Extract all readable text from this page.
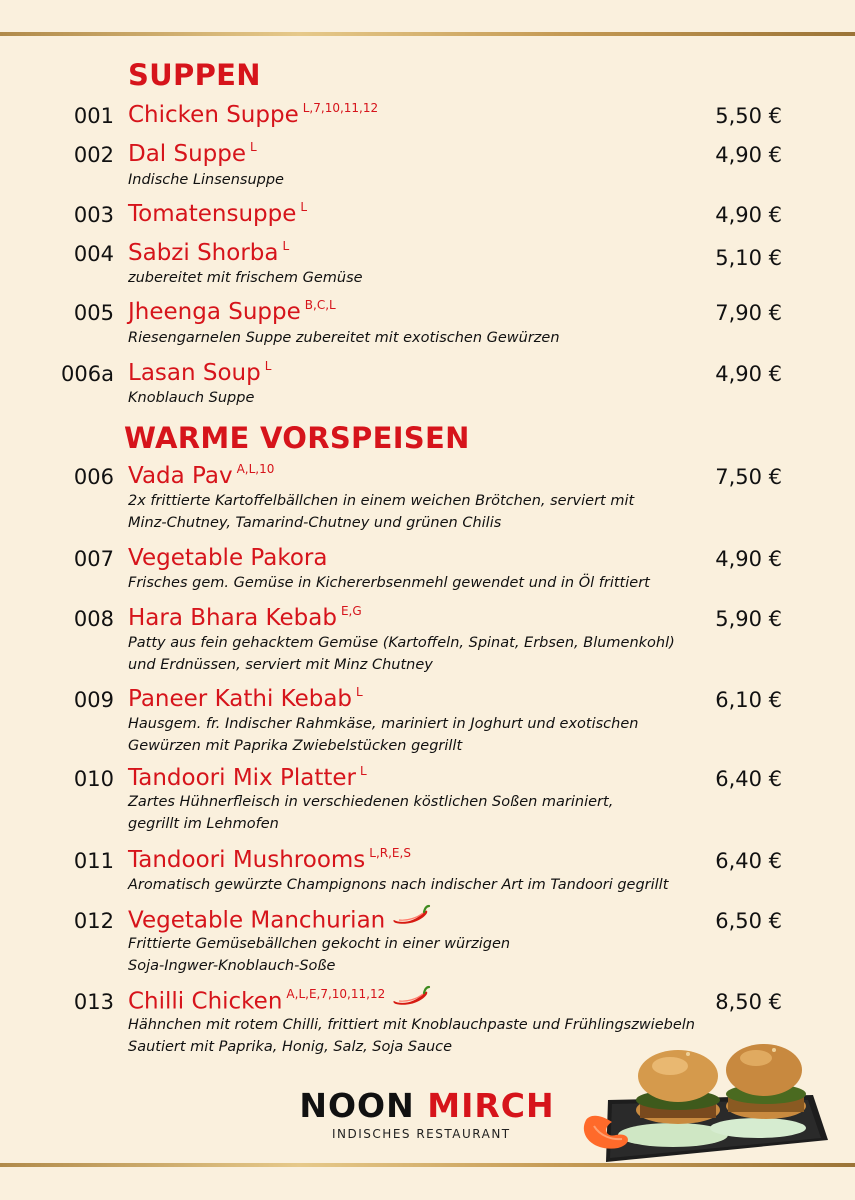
SUPPEN
001 Chicken Suppe $^{L,7,10,11,12}$	5,50 €
002 Dal Suppe $^L$	4,90 €
Indische Linsensuppe
003 Tomatensuppe $^L$	4,90 €
004 Sabzi Shorba $^L$	5,10 €
zubereitet mit frischem Gemüse
005 Jheenga Suppe $^{B,C,L}$	7,90 €
Riesengarnelen Suppe zubereitet mit exotischen Gewürzen
006a Lasan Soup $^L$	4,90 €
Knoblauch Suppe
WARME VORSPEISEN
006 Vada Pav $^{A,L,10}$	7,50 €
2x frittierte Kartoffelbällchen in einem weichen Brötchen, serviert mit
Minz-Chutney, Tamarind-Chutney und grünen Chilis
007 Vegetable Pakora	4,90 €
Frisches gem. Gemüse in Kichererbsenmehl gewendet und in Öl frittiert
008 Hara Bhara Kebab $^{E,G}$	5,90 €
Patty aus fein gehacktem Gemüse (Kartoffeln, Spinat, Erbsen, Blumenkohl)
und Erdnüssen, serviert mit Minz Chutney
009 Paneer Kathi Kebab $^L$	6,10 €
Hausgem. fr. Indischer Rahmkäse, mariniert in Joghurt und exotischen
Gewürzen mit Paprika Zwiebelstücken gegrillt
010 Tandoori Mix Platter $^L$	6,40 €
Zartes Hühnerfleisch in verschiedenen köstlichen Soßen mariniert,
gegrillt im Lehmofen
011 Tandoori Mushrooms $^{L,R,E,S}$	6,40 €
Aromatisch gewürzte Champignons nach indischer Art im Tandoori gegrillt
012 Vegetable Manchurian	6,50 €
Frittierte Gemüsebällchen gekocht in einer würzigen
Soja-Ingwer-Knoblauch-Soße
013 Chilli Chicken $^{A,L,E,7,10,11,12}$	8,50 €
Hähnchen mit rotem Chilli, frittiert mit Knoblauchpaste und Frühlingszwiebeln
Sautiert mit Paprika, Honig, Salz, Soja Sauce
NOON MIRCH
INDISCHES RESTAURANT
